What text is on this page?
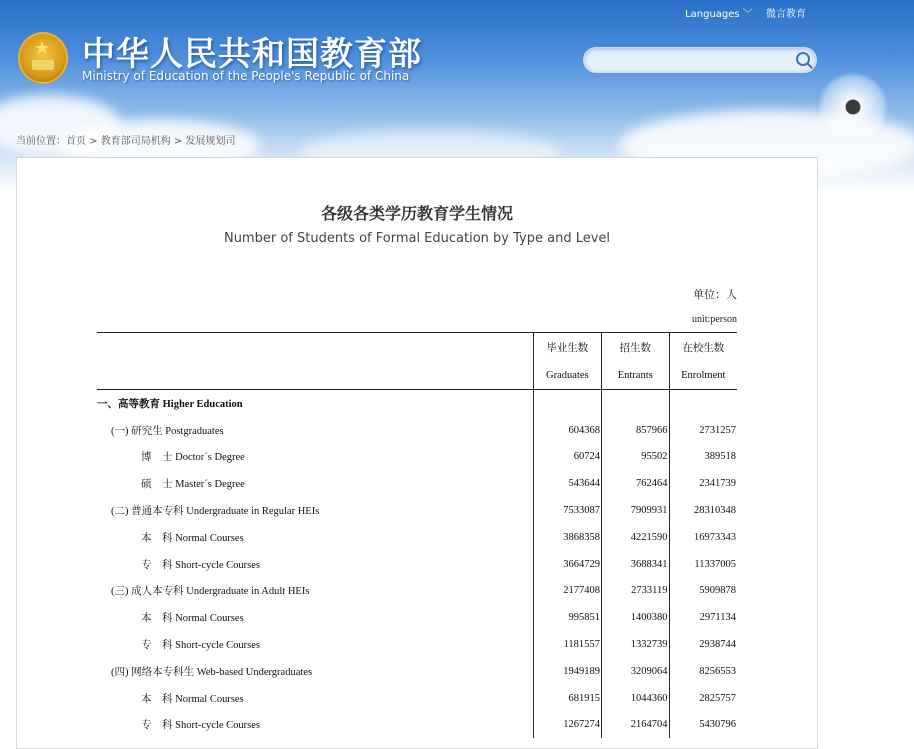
★ 中华人民共和国教育部
Ministry of Education of the People's Republic of China
Languages ﹀ 微言教育
当前位置：首页 > 教育部司局机构 > 发展规划司
各级各类学历教育学生情况
Number of Students of Formal Education by Type and Level
单位：人
unit:person
	毕业生数	招生数	在校生数
	Graduates	Entrants	Enrolment
一、高等教育 Higher Education			
(一) 研究生 Postgraduates	604368	857966	2731257
博　士 Doctor´s Degree	60724	95502	389518
硕　士 Master´s Degree	543644	762464	2341739
(二) 普通本专科 Undergraduate in Regular HEIs	7533087	7909931	28310348
本　科 Normal Courses	3868358	4221590	16973343
专　科 Short-cycle Courses	3664729	3688341	11337005
(三) 成人本专科 Undergraduate in Adult HEIs	2177408	2733119	5909878
本　科 Normal Courses	995851	1400380	2971134
专　科 Short-cycle Courses	1181557	1332739	2938744
(四) 网络本专科生 Web-based Undergraduates	1949189	3209064	8256553
本　科 Normal Courses	681915	1044360	2825757
专　科 Short-cycle Courses	1267274	2164704	5430796
